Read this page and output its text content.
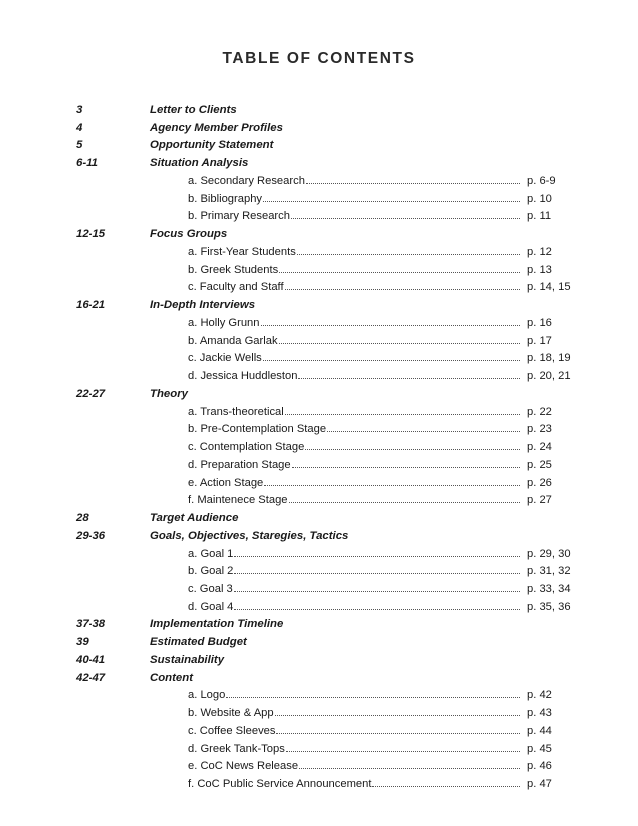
TABLE OF CONTENTS
3	Letter to Clients
4	Agency Member Profiles
5	Opportunity Statement
6-11	Situation Analysis
a. Secondary Research	p. 6-9
b. Bibliography	p. 10
b. Primary Research	p. 11
12-15	Focus Groups
a. First-Year Students	p. 12
b. Greek Students	p. 13
c. Faculty and Staff	p. 14, 15
16-21	In-Depth Interviews
a. Holly Grunn	p. 16
b. Amanda Garlak	p. 17
c. Jackie Wells	p. 18, 19
d. Jessica Huddleston	p. 20, 21
22-27	Theory
a. Trans-theoretical	p. 22
b. Pre-Contemplation Stage	p. 23
c. Contemplation Stage	p. 24
d. Preparation Stage	p. 25
e. Action Stage	p. 26
f. Maintenece Stage	p. 27
28	Target Audience
29-36	Goals, Objectives, Staregies, Tactics
a. Goal 1	p. 29, 30
b. Goal 2	p. 31, 32
c. Goal 3	p. 33, 34
d. Goal 4	p. 35, 36
37-38	Implementation Timeline
39	Estimated Budget
40-41	Sustainability
42-47	Content
a. Logo	p. 42
b. Website & App	p. 43
c. Coffee Sleeves	p. 44
d. Greek Tank-Tops	p. 45
e. CoC News Release	p. 46
f. CoC Public Service Announcement	p. 47
